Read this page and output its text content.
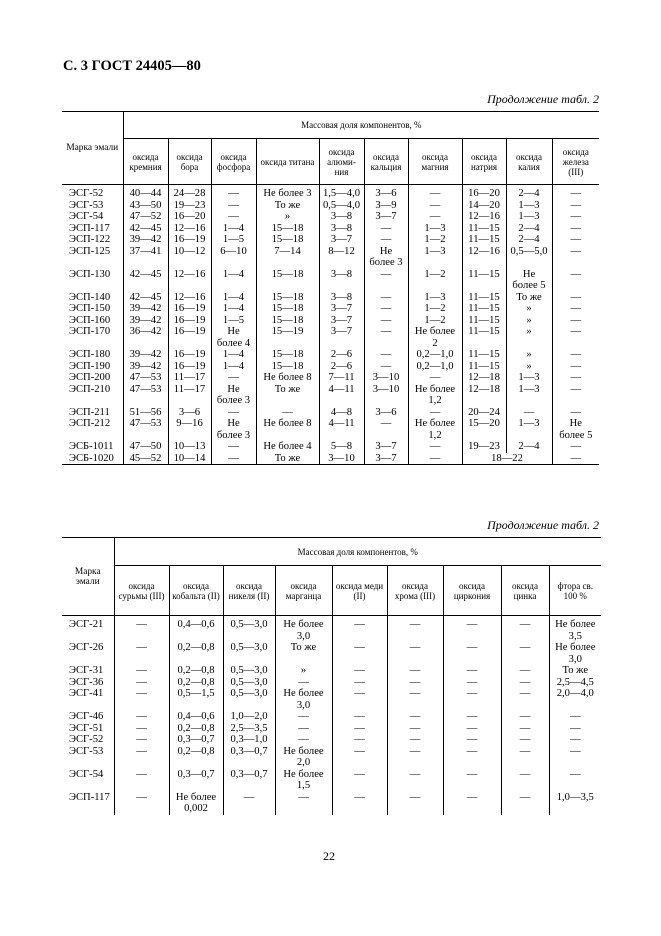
С. 3 ГОСТ 24405—80
Продолжение табл. 2
Марка эмали	Массовая доля компонентов, %									
	оксида кремния	оксида бора	оксида фосфора	оксида титана	оксида алюми-ния	оксида кальция	оксида магния	оксида натрия	оксида калия	оксида железа (III)
ЭСГ-52	40—44	24—28	—	Не более 3	1,5—4,0	3—6	—	16—20	2—4	—
ЭСГ-53	43—50	19—23	—	То же	0,5—4,0	3—9	—	14—20	1—3	—
ЭСГ-54	47—52	16—20	—	»	3—8	3—7	—	12—16	1—3	—
ЭСП-117	42—45	12—16	1—4	15—18	3—8	—	1—3	11—15	2—4	—
ЭСП-122	39—42	16—19	1—5	15—18	3—7	—	1—2	11—15	2—4	—
ЭСП-125	37—41	10—12	6—10	7—14	8—12	Не
более 3	1—3	12—16	0,5—5,0	—
ЭСП-130	42—45	12—16	1—4	15—18	3—8	—	1—2	11—15	Не
более 5	—
ЭСП-140	42—45	12—16	1—4	15—18	3—8	—	1—3	11—15	То же	—
ЭСП-150	39—42	16—19	1—4	15—18	3—7	—	1—2	11—15	»	—
ЭСП-160	39—42	16—19	1—5	15—18	3—7	—	1—2	11—15	»	—
ЭСП-170	36—42	16—19	Не
более 4	15—19	3—7	—	Не более
2	11—15	»	—
ЭСП-180	39—42	16—19	1—4	15—18	2—6	—	0,2—1,0	11—15	»	—
ЭСП-190	39—42	16—19	1—4	15—18	2—6	—	0,2—1,0	11—15	»	—
ЭСП-200	47—53	11—17	—	Не более 8	7—11	3—10	—	12—18	1—3	—
ЭСП-210	47—53	11—17	Не
более 3	То же	4—11	3—10	Не более
1,2	12—18	1—3	—
ЭСП-211	51—56	3—6	—	—	4—8	3—6	—	20—24	—	—
ЭСП-212	47—53	9—16	Не
более 3	Не более 8	4—11	—	Не более
1,2	15—20	1—3	Не
более 5
ЭСБ-1011	47—50	10—13	—	Не более 4	5—8	3—7	—	19—23	2—4	—
ЭСБ-1020	45—52	10—14	—	То же	3—10	3—7	—	18—22		—
Продолжение табл. 2
Марка эмали	Массовая доля компонентов, %								
	оксида сурьмы (III)	оксида кобальта (II)	оксида никеля (II)	оксида марганца	оксида меди (II)	оксида хрома (III)	оксида циркония	оксида цинка	фтора св. 100 %
ЭСГ-21	—	0,4—0,6	0,5—3,0	Не более
3,0	—	—	—	—	Не более
3,5
ЭСГ-26	—	0,2—0,8	0,5—3,0	То же	—	—	—	—	Не более
3,0
ЭСГ-31	—	0,2—0,8	0,5—3,0	»	—	—	—	—	То же
ЭСГ-36	—	0,2—0,8	0,5—3,0	—	—	—	—	—	2,5—4,5
ЭСГ-41	—	0,5—1,5	0,5—3,0	Не более
3,0	—	—	—	—	2,0—4,0
ЭСГ-46	—	0,4—0,6	1,0—2,0	—	—	—	—	—	—
ЭСГ-51	—	0,2—0,8	2,5—3,5	—	—	—	—	—	—
ЭСГ-52	—	0,3—0,7	0,3—1,0	—	—	—	—	—	—
ЭСГ-53	—	0,2—0,8	0,3—0,7	Не более
2,0	—	—	—	—	—
ЭСГ-54	—	0,3—0,7	0,3—0,7	Не более
1,5	—	—	—	—	—
ЭСП-117	—	Не более
0,002	—	—	—	—	—	—	1,0—3,5
22
